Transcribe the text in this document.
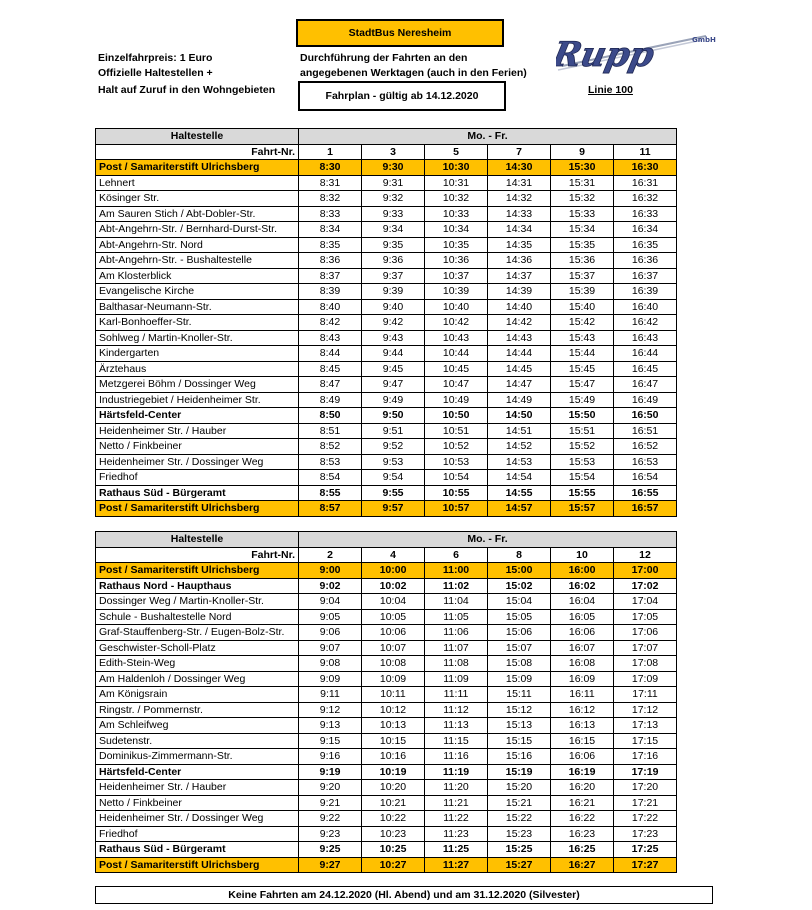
Einzelfahrpreis: 1 Euro
Offizielle Haltestellen +
Halt auf Zuruf in den Wohngebieten
StadtBus Neresheim
Durchführung der Fahrten an den
angegebenen Werktagen (auch in den Ferien)
Fahrplan - gültig ab 14.12.2020
Rupp	GmbH
Linie 100
Haltestelle	Mo. - Fr.					
Fahrt-Nr.	1	3	5	7	9	11
Post / Samariterstift Ulrichsberg	8:30	9:30	10:30	14:30	15:30	16:30
Lehnert	8:31	9:31	10:31	14:31	15:31	16:31
Kösinger Str.	8:32	9:32	10:32	14:32	15:32	16:32
Am Sauren Stich / Abt-Dobler-Str.	8:33	9:33	10:33	14:33	15:33	16:33
Abt-Angehrn-Str. / Bernhard-Durst-Str.	8:34	9:34	10:34	14:34	15:34	16:34
Abt-Angehrn-Str. Nord	8:35	9:35	10:35	14:35	15:35	16:35
Abt-Angehrn-Str. - Bushaltestelle	8:36	9:36	10:36	14:36	15:36	16:36
Am Klosterblick	8:37	9:37	10:37	14:37	15:37	16:37
Evangelische Kirche	8:39	9:39	10:39	14:39	15:39	16:39
Balthasar-Neumann-Str.	8:40	9:40	10:40	14:40	15:40	16:40
Karl-Bonhoeffer-Str.	8:42	9:42	10:42	14:42	15:42	16:42
Sohlweg / Martin-Knoller-Str.	8:43	9:43	10:43	14:43	15:43	16:43
Kindergarten	8:44	9:44	10:44	14:44	15:44	16:44
Ärztehaus	8:45	9:45	10:45	14:45	15:45	16:45
Metzgerei Böhm / Dossinger Weg	8:47	9:47	10:47	14:47	15:47	16:47
Industriegebiet / Heidenheimer Str.	8:49	9:49	10:49	14:49	15:49	16:49
Härtsfeld-Center	8:50	9:50	10:50	14:50	15:50	16:50
Heidenheimer Str. / Hauber	8:51	9:51	10:51	14:51	15:51	16:51
Netto / Finkbeiner	8:52	9:52	10:52	14:52	15:52	16:52
Heidenheimer Str. / Dossinger Weg	8:53	9:53	10:53	14:53	15:53	16:53
Friedhof	8:54	9:54	10:54	14:54	15:54	16:54
Rathaus Süd - Bürgeramt	8:55	9:55	10:55	14:55	15:55	16:55
Post / Samariterstift Ulrichsberg	8:57	9:57	10:57	14:57	15:57	16:57
Haltestelle	Mo. - Fr.					
Fahrt-Nr.	2	4	6	8	10	12
Post / Samariterstift Ulrichsberg	9:00	10:00	11:00	15:00	16:00	17:00
Rathaus Nord - Haupthaus	9:02	10:02	11:02	15:02	16:02	17:02
Dossinger Weg / Martin-Knoller-Str.	9:04	10:04	11:04	15:04	16:04	17:04
Schule - Bushaltestelle Nord	9:05	10:05	11:05	15:05	16:05	17:05
Graf-Stauffenberg-Str. / Eugen-Bolz-Str.	9:06	10:06	11:06	15:06	16:06	17:06
Geschwister-Scholl-Platz	9:07	10:07	11:07	15:07	16:07	17:07
Edith-Stein-Weg	9:08	10:08	11:08	15:08	16:08	17:08
Am Haldenloh / Dossinger Weg	9:09	10:09	11:09	15:09	16:09	17:09
Am Königsrain	9:11	10:11	11:11	15:11	16:11	17:11
Ringstr. / Pommernstr.	9:12	10:12	11:12	15:12	16:12	17:12
Am Schleifweg	9:13	10:13	11:13	15:13	16:13	17:13
Sudetenstr.	9:15	10:15	11:15	15:15	16:15	17:15
Dominikus-Zimmermann-Str.	9:16	10:16	11:16	15:16	16:06	17:16
Härtsfeld-Center	9:19	10:19	11:19	15:19	16:19	17:19
Heidenheimer Str. / Hauber	9:20	10:20	11:20	15:20	16:20	17:20
Netto / Finkbeiner	9:21	10:21	11:21	15:21	16:21	17:21
Heidenheimer Str. / Dossinger Weg	9:22	10:22	11:22	15:22	16:22	17:22
Friedhof	9:23	10:23	11:23	15:23	16:23	17:23
Rathaus Süd - Bürgeramt	9:25	10:25	11:25	15:25	16:25	17:25
Post / Samariterstift Ulrichsberg	9:27	10:27	11:27	15:27	16:27	17:27
Keine Fahrten am 24.12.2020 (Hl. Abend) und am 31.12.2020 (Silvester)
